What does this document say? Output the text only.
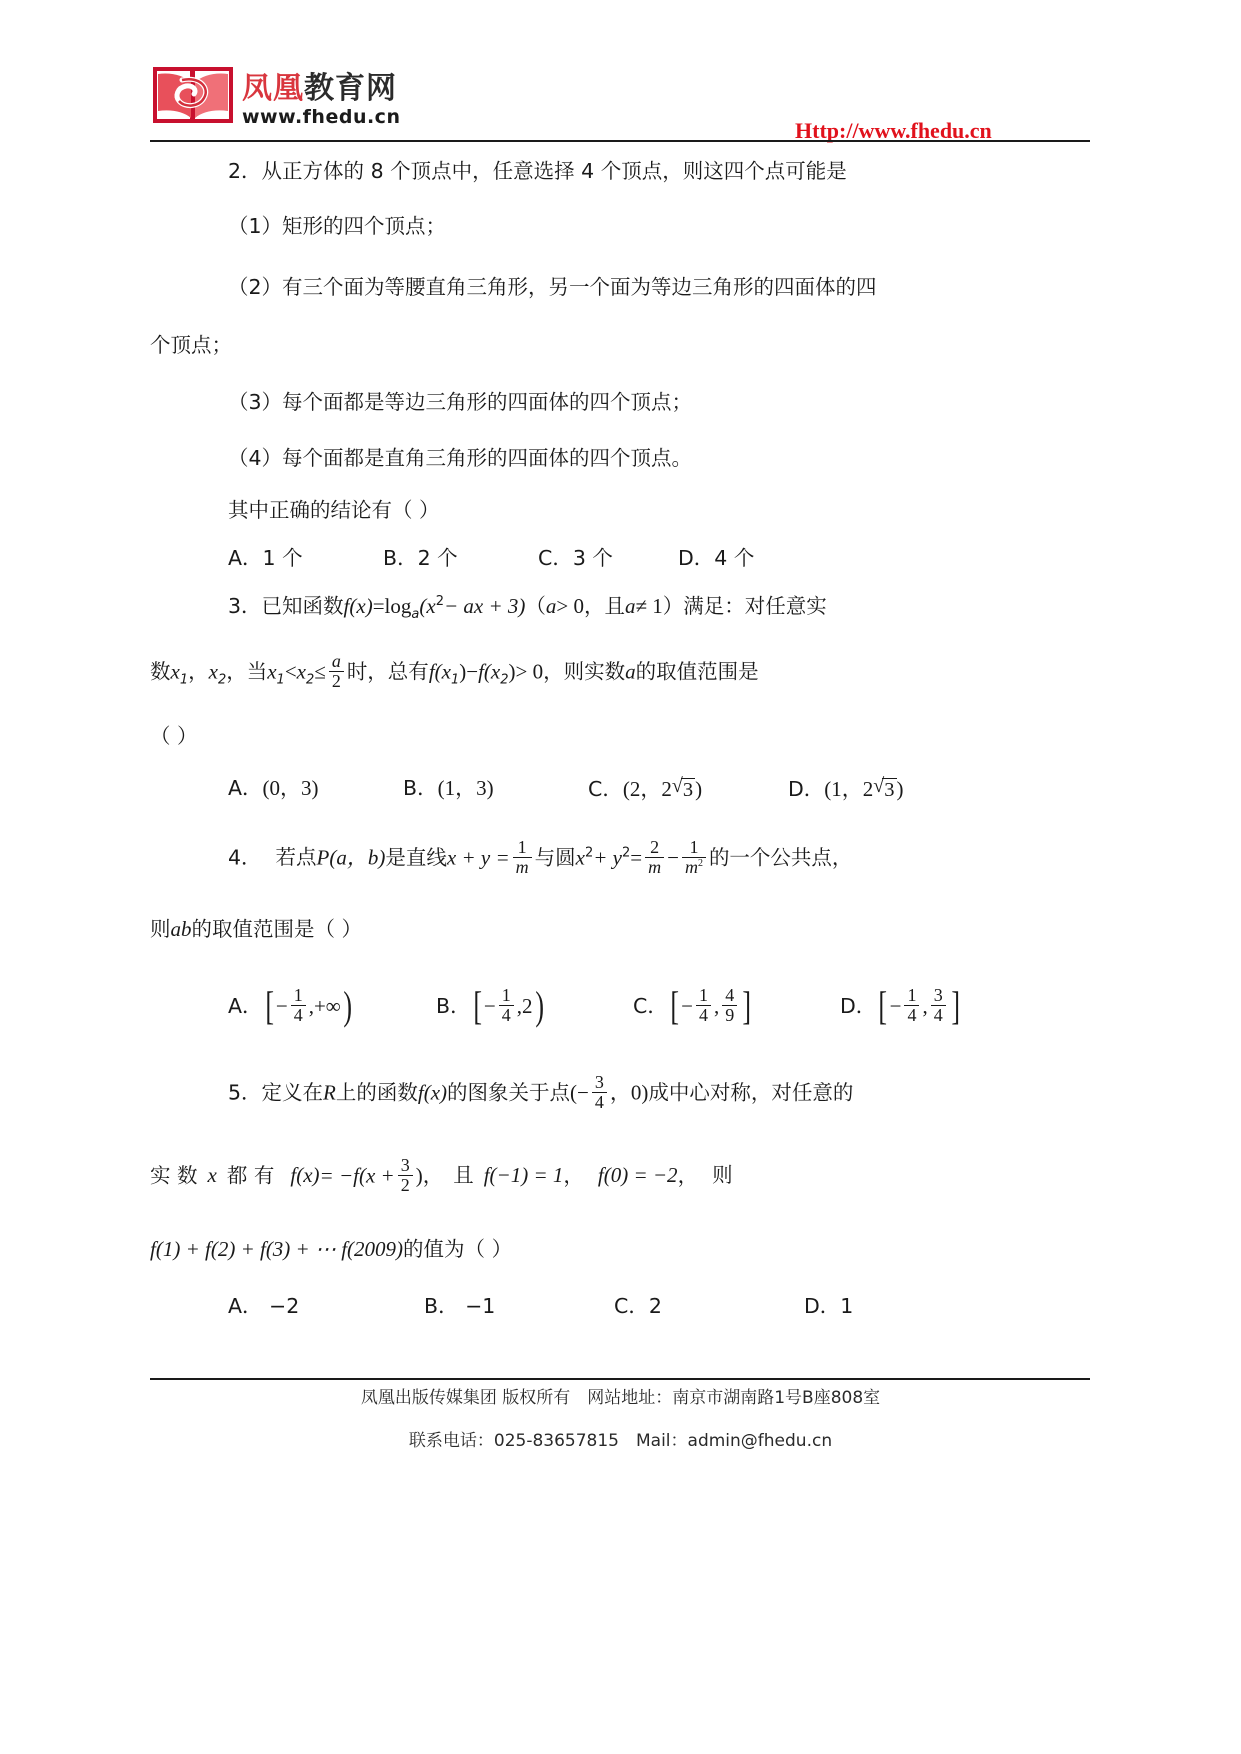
凤凰教育网
www.fhedu.cn
Http://www.fhedu.cn
2．从正方体的 8 个顶点中，任意选择 4 个顶点，则这四个点可能是
（1）矩形的四个顶点；
（2）有三个面为等腰直角三角形，另一个面为等边三角形的四面体的四
个顶点；
（3）每个面都是等边三角形的四面体的四个顶点；
（4）每个面都是直角三角形的四面体的四个顶点。
其中正确的结论有（ ）
A．1 个	B．2 个	C．3 个	D．4 个
3．已知函数$f(x)=\log_a(x^2-$ ax + 3)（a> 0，且a≠ 1）满足：对任意实
数$x_1$，$x_2$，当$x_1<x_2\le \frac{a}{2}$ 时，总有$f(x_1)-f(x_2)> 0$，则实数a的取值范围是
（ ）
A．(0，3)	B．(1，3)	C．(2，2 √ 3)	D．(1，2 √ 3)
4． 若点P(a，b)是直线$x + y = \frac{1}{m}$ 与圆$x^2+ y^2= \frac{2}{m} - \frac{1}{m^2}$ 的一个公共点，
则ab的取值范围是（ ）
A． [ − $\frac{1}{4}$ , +∞ )	B． [ − $\frac{1}{4}$ , 2 )	C． [ − $\frac{1}{4}$ , $\frac{4}{9}$ ]	D． [ − $\frac{1}{4}$ , $\frac{3}{4}$ ]
5．定义在R上的函数f(x)的图象关于点(− $\frac{3}{4}$ ，0)成中心对称，对任意的
实 数 x 都 有 $f(x)= -f(x + \frac{3}{2}$ )， 且 f(−1) = 1， f(0) = −2， 则
f(1) + f(2) + f(3) + ⋯ f(2009)的值为（ ）
A． −2	B． −1	C．2	D．1
凤凰出版传媒集团 版权所有　网站地址：南京市湖南路1号B座808室
联系电话：025-83657815　Mail：admin@fhedu.cn
